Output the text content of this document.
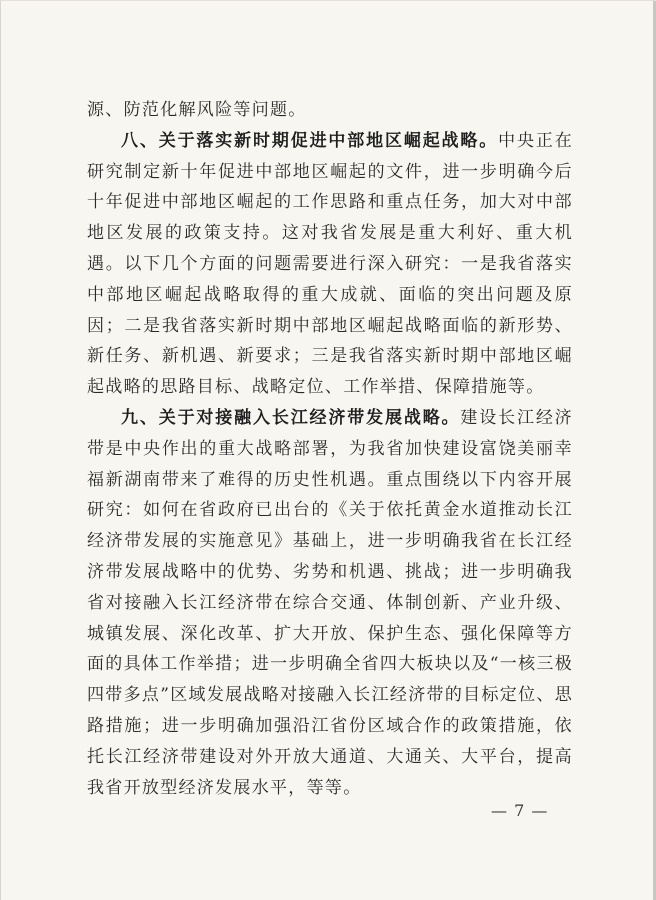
源、防范化解风险等问题。

八、关于落实新时期促进中部地区崛起战略。中央正在研究制定新十年促进中部地区崛起的文件，进一步明确今后十年促进中部地区崛起的工作思路和重点任务，加大对中部地区发展的政策支持。这对我省发展是重大利好、重大机遇。以下几个方面的问题需要进行深入研究：一是我省落实中部地区崛起战略取得的重大成就、面临的突出问题及原因；二是我省落实新时期中部地区崛起战略面临的新形势、新任务、新机遇、新要求；三是我省落实新时期中部地区崛起战略的思路目标、战略定位、工作举措、保障措施等。

九、关于对接融入长江经济带发展战略。建设长江经济带是中央作出的重大战略部署，为我省加快建设富饶美丽幸福新湖南带来了难得的历史性机遇。重点围绕以下内容开展研究：如何在省政府已出台的《关于依托黄金水道推动长江经济带发展的实施意见》基础上，进一步明确我省在长江经济带发展战略中的优势、劣势和机遇、挑战；进一步明确我省对接融入长江经济带在综合交通、体制创新、产业升级、城镇发展、深化改革、扩大开放、保护生态、强化保障等方面的具体工作举措；进一步明确全省四大板块以及“一核三极四带多点”区域发展战略对接融入长江经济带的目标定位、思路措施；进一步明确加强沿江省份区域合作的政策措施，依托长江经济带建设对外开放大通道、大通关、大平台，提高我省开放型经济发展水平，等等。

— 7 —
